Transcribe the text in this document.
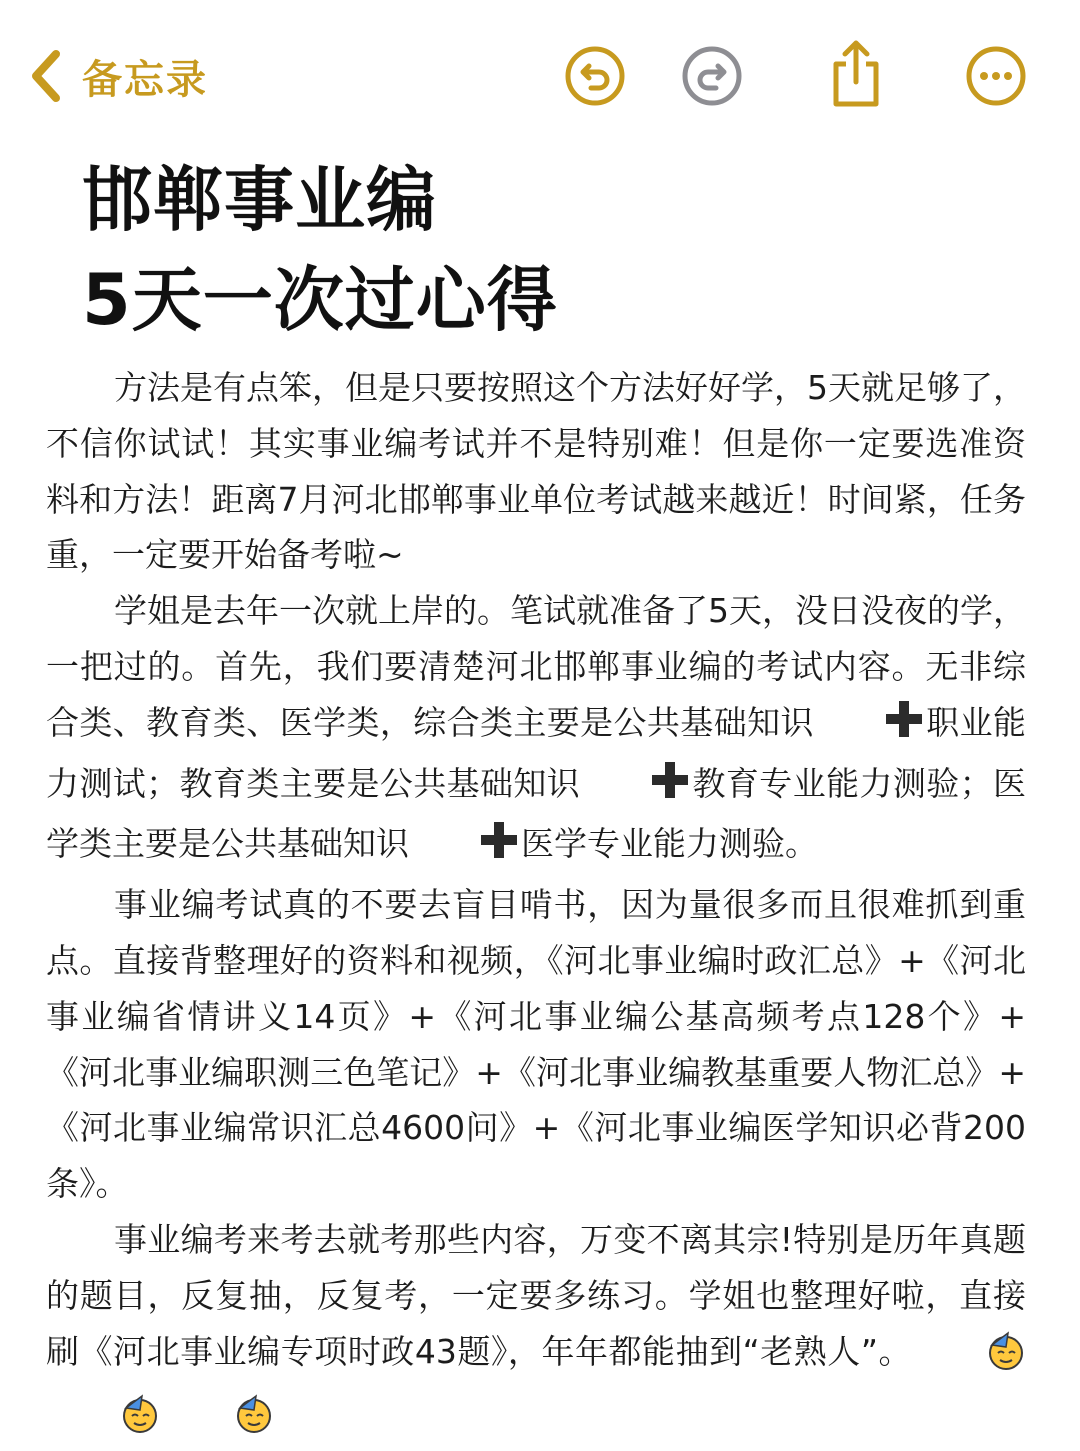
备忘录
邯郸事业编
5天一次过心得

方法是有点笨，但是只要按照这个方法好好学，5天就足够了，不信你试试！其实事业编考试并不是特别难！但是你一定要选准资料和方法！距离7月河北邯郸事业单位考试越来越近！时间紧，任务重，一定要开始备考啦~

学姐是去年一次就上岸的。笔试就准备了5天，没日没夜的学，一把过的。首先，我们要清楚河北邯郸事业编的考试内容。无非综合类、教育类、医学类，综合类主要是公共基础知识	职业能力测试；教育类主要是公共基础知识	教育专业能力测验；医学类主要是公共基础知识	医学专业能力测验。

事业编考试真的不要去盲目啃书，因为量很多而且很难抓到重点。直接背整理好的资料和视频，《河北事业编时政汇总》+《河北事业编省情讲义14页》+《河北事业编公基高频考点128个》+《河北事业编职测三色笔记》+《河北事业编教基重要人物汇总》+《河北事业编常识汇总4600问》+《河北事业编医学知识必背200条》。

事业编考来考去就考那些内容，万变不离其宗!特别是历年真题的题目，反复抽，反复考，一定要多练习。学姐也整理好啦，直接刷《河北事业编专项时政43题》，年年都能抽到“老熟人”。
